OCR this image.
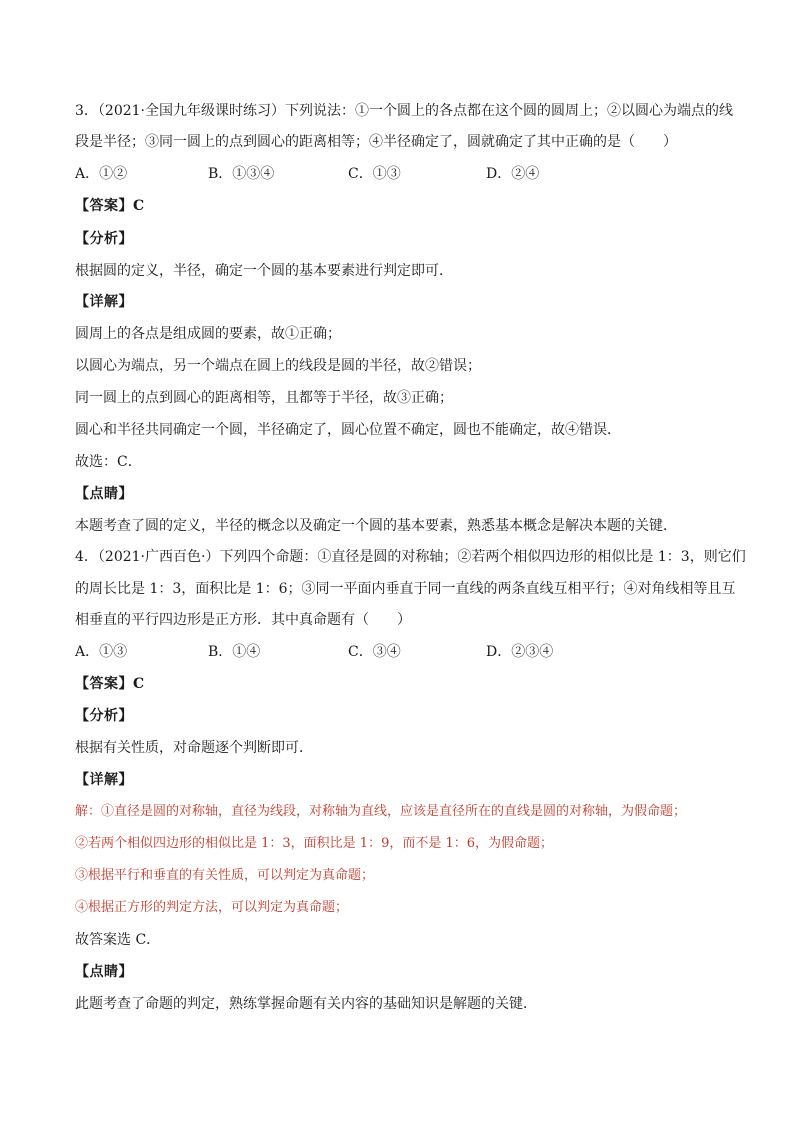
3．（2021·全国九年级课时练习）下列说法：①一个圆上的各点都在这个圆的圆周上；②以圆心为端点的线
段是半径；③同一圆上的点到圆心的距离相等；④半径确定了，圆就确定了其中正确的是（　　）
A．①②	B．①③④	C．①③	D．②④
【答案】C
【分析】
根据圆的定义，半径，确定一个圆的基本要素进行判定即可．
【详解】
圆周上的各点是组成圆的要素，故①正确；
以圆心为端点，另一个端点在圆上的线段是圆的半径，故②错误；
同一圆上的点到圆心的距离相等，且都等于半径，故③正确；
圆心和半径共同确定一个圆，半径确定了，圆心位置不确定，圆也不能确定，故④错误．
故选：C．
【点睛】
本题考查了圆的定义，半径的概念以及确定一个圆的基本要素，熟悉基本概念是解决本题的关键．
4．（2021·广西百色·）下列四个命题：①直径是圆的对称轴；②若两个相似四边形的相似比是 1：3，则它们
的周长比是 1：3，面积比是 1：6；③同一平面内垂直于同一直线的两条直线互相平行；④对角线相等且互
相垂直的平行四边形是正方形．其中真命题有（　　）
A．①③	B．①④	C．③④	D．②③④
【答案】C
【分析】
根据有关性质，对命题逐个判断即可．
【详解】
解：①直径是圆的对称轴，直径为线段，对称轴为直线，应该是直径所在的直线是圆的对称轴，为假命题；
②若两个相似四边形的相似比是 1：3，面积比是 1：9，而不是 1：6，为假命题；
③根据平行和垂直的有关性质，可以判定为真命题；
④根据正方形的判定方法，可以判定为真命题；
故答案选 C．
【点睛】
此题考查了命题的判定，熟练掌握命题有关内容的基础知识是解题的关键．
